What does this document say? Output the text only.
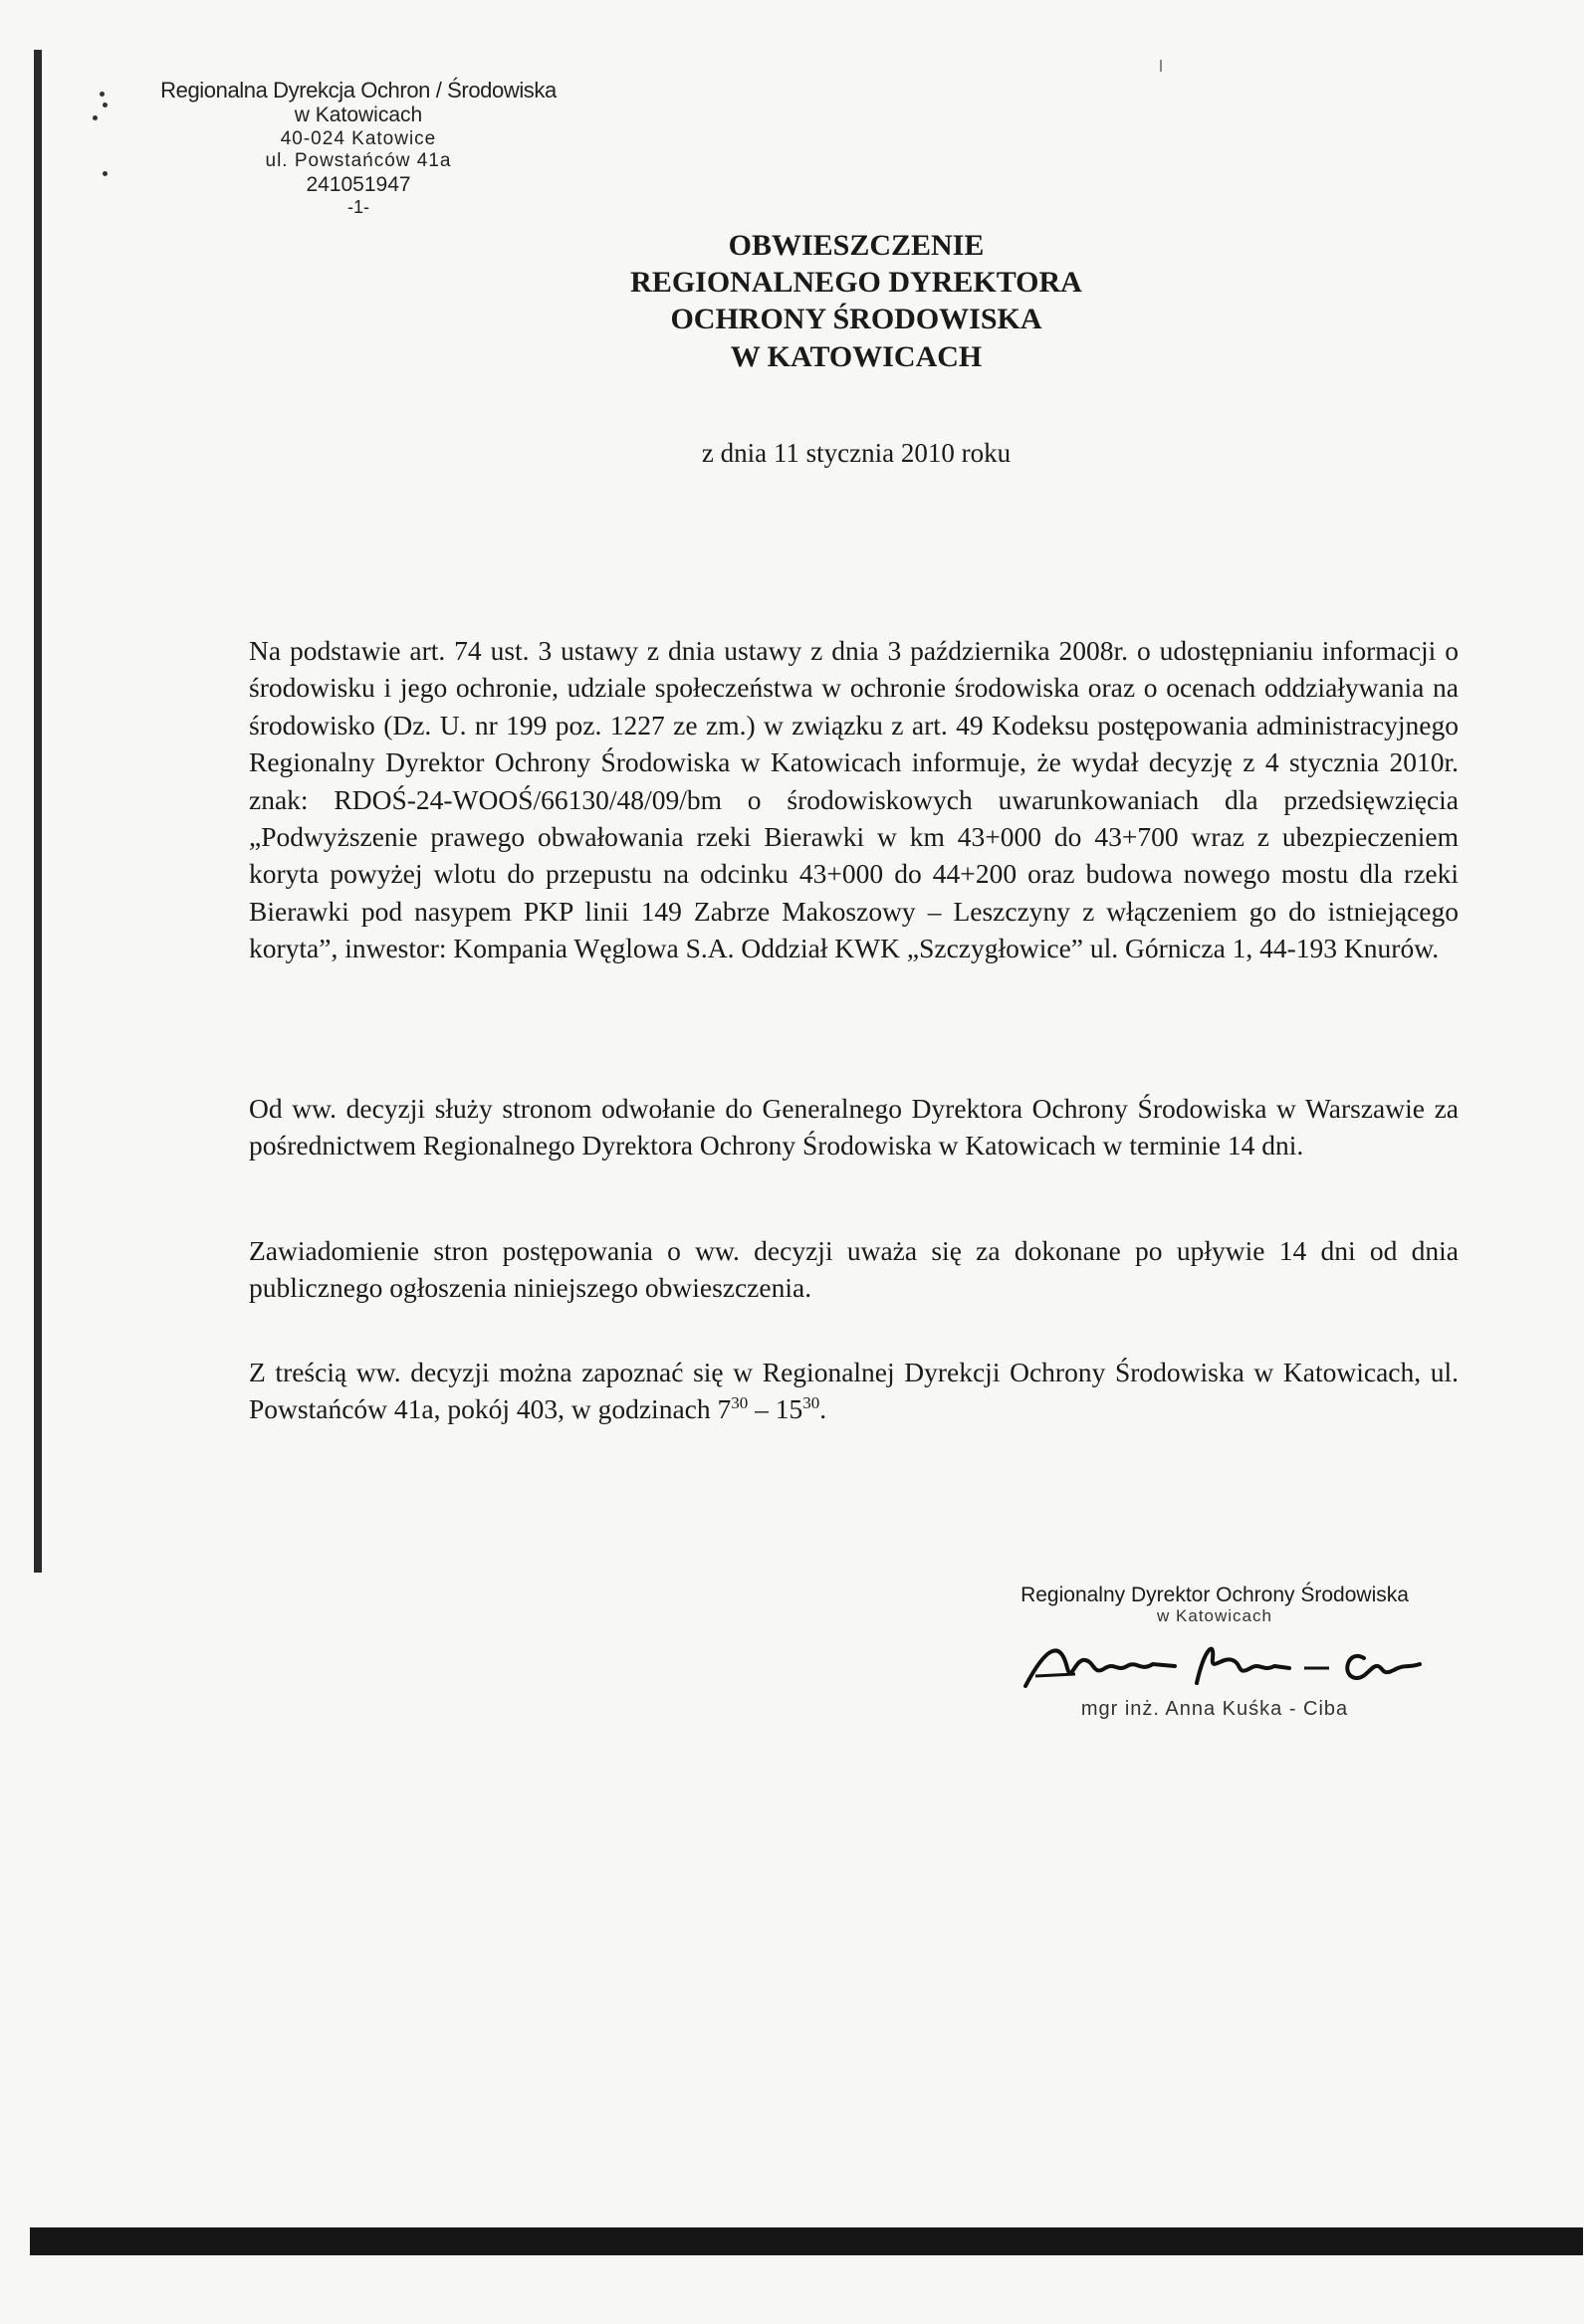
Regionalna Dyrekcja Ochron / Środowiska
w Katowicach
40-024 Katowice
ul. Powstańców 41a
241051947
-1-
OBWIESZCZENIE
REGIONALNEGO DYREKTORA
OCHRONY ŚRODOWISKA
W KATOWICACH
z dnia 11 stycznia 2010 roku

Na podstawie art. 74 ust. 3 ustawy z dnia ustawy z dnia 3 października 2008r. o udostępnianiu informacji o środowisku i jego ochronie, udziale społeczeństwa w ochronie środowiska oraz o ocenach oddziaływania na środowisko (Dz. U. nr 199 poz. 1227 ze zm.) w związku z art. 49 Kodeksu postępowania administracyjnego Regionalny Dyrektor Ochrony Środowiska w Katowicach informuje, że wydał decyzję z 4 stycznia 2010r. znak: RDOŚ-24-WOOŚ/66130/48/09/bm o środowiskowych uwarunkowaniach dla przedsięwzięcia „Podwyższenie prawego obwałowania rzeki Bierawki w km 43+000 do 43+700 wraz z ubezpieczeniem koryta powyżej wlotu do przepustu na odcinku 43+000 do 44+200 oraz budowa nowego mostu dla rzeki Bierawki pod nasypem PKP linii 149 Zabrze Makoszowy – Leszczyny z włączeniem go do istniejącego koryta”, inwestor: Kompania Węglowa S.A. Oddział KWK „Szczygłowice” ul. Górnicza 1, 44-193 Knurów.

Od ww. decyzji służy stronom odwołanie do Generalnego Dyrektora Ochrony Środowiska w Warszawie za pośrednictwem Regionalnego Dyrektora Ochrony Środowiska w Katowicach w terminie 14 dni.

Zawiadomienie stron postępowania o ww. decyzji uważa się za dokonane po upływie 14 dni od dnia publicznego ogłoszenia niniejszego obwieszczenia.

Z treścią ww. decyzji można zapoznać się w Regionalnej Dyrekcji Ochrony Środowiska w Katowicach, ul. Powstańców 41a, pokój 403, w godzinach $7^{30} - 15^{30}$.

Regionalny Dyrektor Ochrony Środowiska
w Katowicach
mgr inż. Anna Kuśka - Ciba
